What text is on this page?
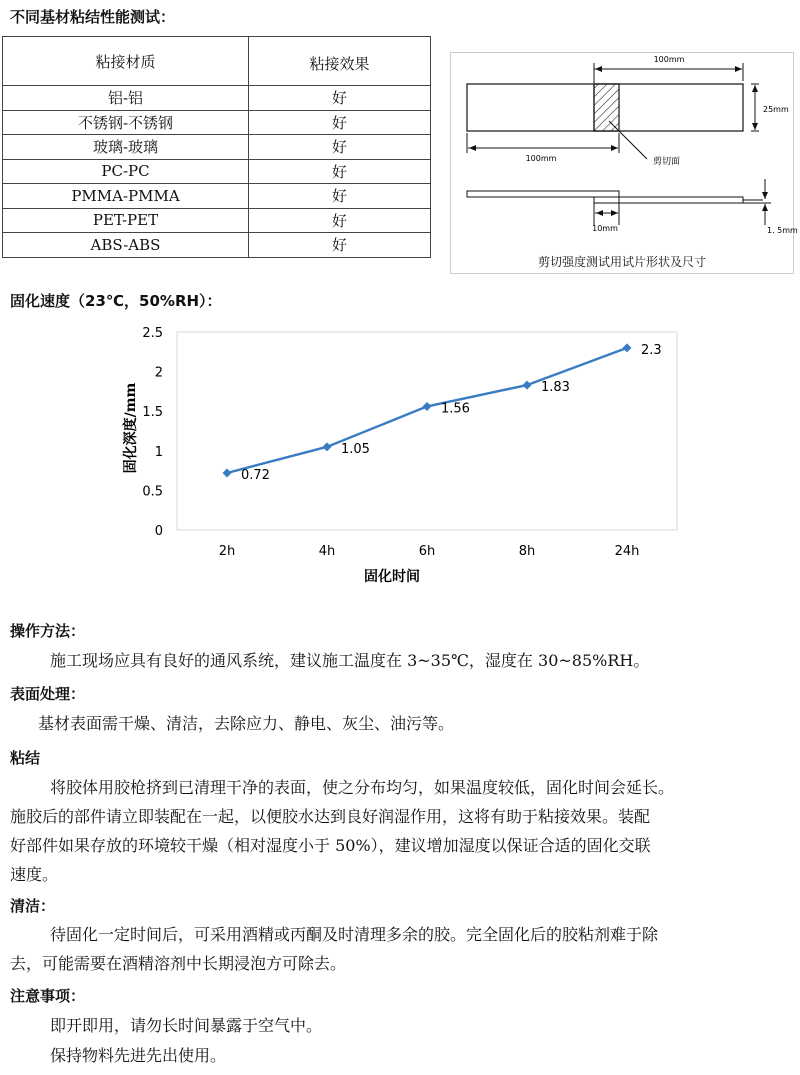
不同基材粘结性能测试：
粘接材质	粘接效果
铝-铝	好
不锈钢-不锈钢	好
玻璃-玻璃	好
PC-PC	好
PMMA-PMMA	好
PET-PET	好
ABS-ABS	好
100mm
25mm
100mm	剪切面
1. 5mm
10mm
剪切强度测试用试片形状及尺寸
固化速度（23℃，50%RH）：
0
0.5
1
1.5
2
2.5
2h	4h	6h	8h	24h
0.72
1.05
1.56
1.83
2.3
固化时间
固化深度/mm
操作方法：
施工现场应具有良好的通风系统，建议施工温度在 3~35℃，湿度在 30~85%RH。
表面处理：
基材表面需干燥、清洁，去除应力、静电、灰尘、油污等。
粘结
将胶体用胶枪挤到已清理干净的表面，使之分布均匀，如果温度较低，固化时间会延长。
施胶后的部件请立即装配在一起，以便胶水达到良好润湿作用，这将有助于粘接效果。装配
好部件如果存放的环境较干燥（相对湿度小于 50%），建议增加湿度以保证合适的固化交联
速度。
清洁：
待固化一定时间后，可采用酒精或丙酮及时清理多余的胶。完全固化后的胶粘剂难于除
去，可能需要在酒精溶剂中长期浸泡方可除去。
注意事项：
即开即用，请勿长时间暴露于空气中。
保持物料先进先出使用。
